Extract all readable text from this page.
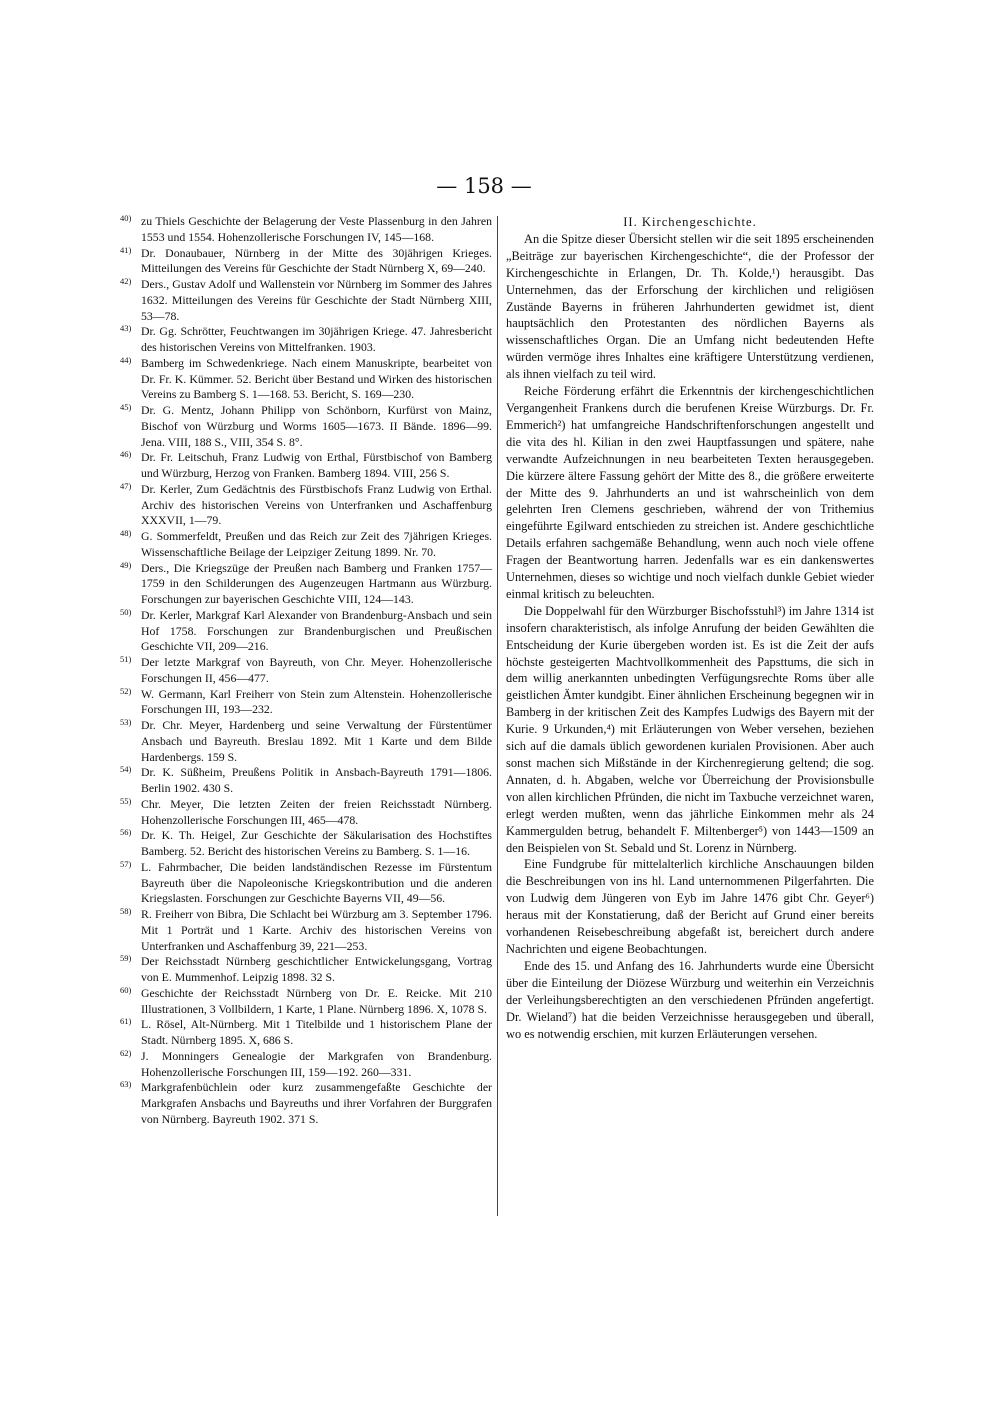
— 158 —

40) zu Thiels Geschichte der Belagerung der Veste Plassenburg in den Jahren 1553 und 1554. Hohenzollerische Forschungen IV, 145—168.

41) Dr. Donaubauer, Nürnberg in der Mitte des 30jährigen Krieges. Mitteilungen des Vereins für Geschichte der Stadt Nürnberg X, 69—240.

42) Ders., Gustav Adolf und Wallenstein vor Nürnberg im Sommer des Jahres 1632. Mitteilungen des Vereins für Geschichte der Stadt Nürnberg XIII, 53—78.

43) Dr. Gg. Schrötter, Feuchtwangen im 30jährigen Kriege. 47. Jahresbericht des historischen Vereins von Mittelfranken. 1903.

44) Bamberg im Schwedenkriege. Nach einem Manuskripte, bearbeitet von Dr. Fr. K. Kümmer. 52. Bericht über Bestand und Wirken des historischen Vereins zu Bamberg S. 1—168. 53. Bericht, S. 169—230.

45) Dr. G. Mentz, Johann Philipp von Schönborn, Kurfürst von Mainz, Bischof von Würzburg und Worms 1605—1673. II Bände. 1896—99. Jena. VIII, 188 S., VIII, 354 S. 8°.

46) Dr. Fr. Leitschuh, Franz Ludwig von Erthal, Fürstbischof von Bamberg und Würzburg, Herzog von Franken. Bamberg 1894. VIII, 256 S.

47) Dr. Kerler, Zum Gedächtnis des Fürstbischofs Franz Ludwig von Erthal. Archiv des historischen Vereins von Unterfranken und Aschaffenburg XXXVII, 1—79.

48) G. Sommerfeldt, Preußen und das Reich zur Zeit des 7jährigen Krieges. Wissenschaftliche Beilage der Leipziger Zeitung 1899. Nr. 70.

49) Ders., Die Kriegszüge der Preußen nach Bamberg und Franken 1757—1759 in den Schilderungen des Augenzeugen Hartmann aus Würzburg. Forschungen zur bayerischen Geschichte VIII, 124—143.

50) Dr. Kerler, Markgraf Karl Alexander von Brandenburg-Ansbach und sein Hof 1758. Forschungen zur Brandenburgischen und Preußischen Geschichte VII, 209—216.

51) Der letzte Markgraf von Bayreuth, von Chr. Meyer. Hohenzollerische Forschungen II, 456—477.

52) W. Germann, Karl Freiherr von Stein zum Altenstein. Hohenzollerische Forschungen III, 193—232.

53) Dr. Chr. Meyer, Hardenberg und seine Verwaltung der Fürstentümer Ansbach und Bayreuth. Breslau 1892. Mit 1 Karte und dem Bilde Hardenbergs. 159 S.

54) Dr. K. Süßheim, Preußens Politik in Ansbach-Bayreuth 1791—1806. Berlin 1902. 430 S.

55) Chr. Meyer, Die letzten Zeiten der freien Reichsstadt Nürnberg. Hohenzollerische Forschungen III, 465—478.

56) Dr. K. Th. Heigel, Zur Geschichte der Säkularisation des Hochstiftes Bamberg. 52. Bericht des historischen Vereins zu Bamberg. S. 1—16.

57) L. Fahrmbacher, Die beiden landständischen Rezesse im Fürstentum Bayreuth über die Napoleonische Kriegskontribution und die anderen Kriegslasten. Forschungen zur Geschichte Bayerns VII, 49—56.

58) R. Freiherr von Bibra, Die Schlacht bei Würzburg am 3. September 1796. Mit 1 Porträt und 1 Karte. Archiv des historischen Vereins von Unterfranken und Aschaffenburg 39, 221—253.

59) Der Reichsstadt Nürnberg geschichtlicher Entwickelungsgang, Vortrag von E. Mummenhof. Leipzig 1898. 32 S.

60) Geschichte der Reichsstadt Nürnberg von Dr. E. Reicke. Mit 210 Illustrationen, 3 Vollbildern, 1 Karte, 1 Plane. Nürnberg 1896. X, 1078 S.

61) L. Rösel, Alt-Nürnberg. Mit 1 Titelbilde und 1 historischem Plane der Stadt. Nürnberg 1895. X, 686 S.

62) J. Monningers Genealogie der Markgrafen von Brandenburg. Hohenzollerische Forschungen III, 159—192. 260—331.

63) Markgrafenbüchlein oder kurz zusammengefaßte Geschichte der Markgrafen Ansbachs und Bayreuths und ihrer Vorfahren der Burggrafen von Nürnberg. Bayreuth 1902. 371 S.

II. Kirchengeschichte.

An die Spitze dieser Übersicht stellen wir die seit 1895 erscheinenden „Beiträge zur bayerischen Kirchengeschichte“, die der Professor der Kirchengeschichte in Erlangen, Dr. Th. Kolde,¹) herausgibt. Das Unternehmen, das der Erforschung der kirchlichen und religiösen Zustände Bayerns in früheren Jahrhunderten gewidmet ist, dient hauptsächlich den Protestanten des nördlichen Bayerns als wissenschaftliches Organ. Die an Umfang nicht bedeutenden Hefte würden vermöge ihres Inhaltes eine kräftigere Unterstützung verdienen, als ihnen vielfach zu teil wird.

Reiche Förderung erfährt die Erkenntnis der kirchengeschichtlichen Vergangenheit Frankens durch die berufenen Kreise Würzburgs. Dr. Fr. Emmerich²) hat umfangreiche Handschriftenforschungen angestellt und die vita des hl. Kilian in den zwei Hauptfassungen und spätere, nahe verwandte Aufzeichnungen in neu bearbeiteten Texten herausgegeben. Die kürzere ältere Fassung gehört der Mitte des 8., die größere erweiterte der Mitte des 9. Jahrhunderts an und ist wahrscheinlich von dem gelehrten Iren Clemens geschrieben, während der von Trithemius eingeführte Egilward entschieden zu streichen ist. Andere geschichtliche Details erfahren sachgemäße Behandlung, wenn auch noch viele offene Fragen der Beantwortung harren. Jedenfalls war es ein dankenswertes Unternehmen, dieses so wichtige und noch vielfach dunkle Gebiet wieder einmal kritisch zu beleuchten.

Die Doppelwahl für den Würzburger Bischofsstuhl³) im Jahre 1314 ist insofern charakteristisch, als infolge Anrufung der beiden Gewählten die Entscheidung der Kurie übergeben worden ist. Es ist die Zeit der aufs höchste gesteigerten Machtvollkommenheit des Papsttums, die sich in dem willig anerkannten unbedingten Verfügungsrechte Roms über alle geistlichen Ämter kundgibt. Einer ähnlichen Erscheinung begegnen wir in Bamberg in der kritischen Zeit des Kampfes Ludwigs des Bayern mit der Kurie. 9 Urkunden,⁴) mit Erläuterungen von Weber versehen, beziehen sich auf die damals üblich gewordenen kurialen Provisionen. Aber auch sonst machen sich Mißstände in der Kirchenregierung geltend; die sog. Annaten, d. h. Abgaben, welche vor Überreichung der Provisionsbulle von allen kirchlichen Pfründen, die nicht im Taxbuche verzeichnet waren, erlegt werden mußten, wenn das jährliche Einkommen mehr als 24 Kammergulden betrug, behandelt F. Miltenberger⁵) von 1443—1509 an den Beispielen von St. Sebald und St. Lorenz in Nürnberg.

Eine Fundgrube für mittelalterlich kirchliche Anschauungen bilden die Beschreibungen von ins hl. Land unternommenen Pilgerfahrten. Die von Ludwig dem Jüngeren von Eyb im Jahre 1476 gibt Chr. Geyer⁶) heraus mit der Konstatierung, daß der Bericht auf Grund einer bereits vorhandenen Reisebeschreibung abgefaßt ist, bereichert durch andere Nachrichten und eigene Beobachtungen.

Ende des 15. und Anfang des 16. Jahrhunderts wurde eine Übersicht über die Einteilung der Diözese Würzburg und weiterhin ein Verzeichnis der Verleihungsberechtigten an den verschiedenen Pfründen angefertigt. Dr. Wieland⁷) hat die beiden Verzeichnisse herausgegeben und überall, wo es notwendig erschien, mit kurzen Erläuterungen versehen.
